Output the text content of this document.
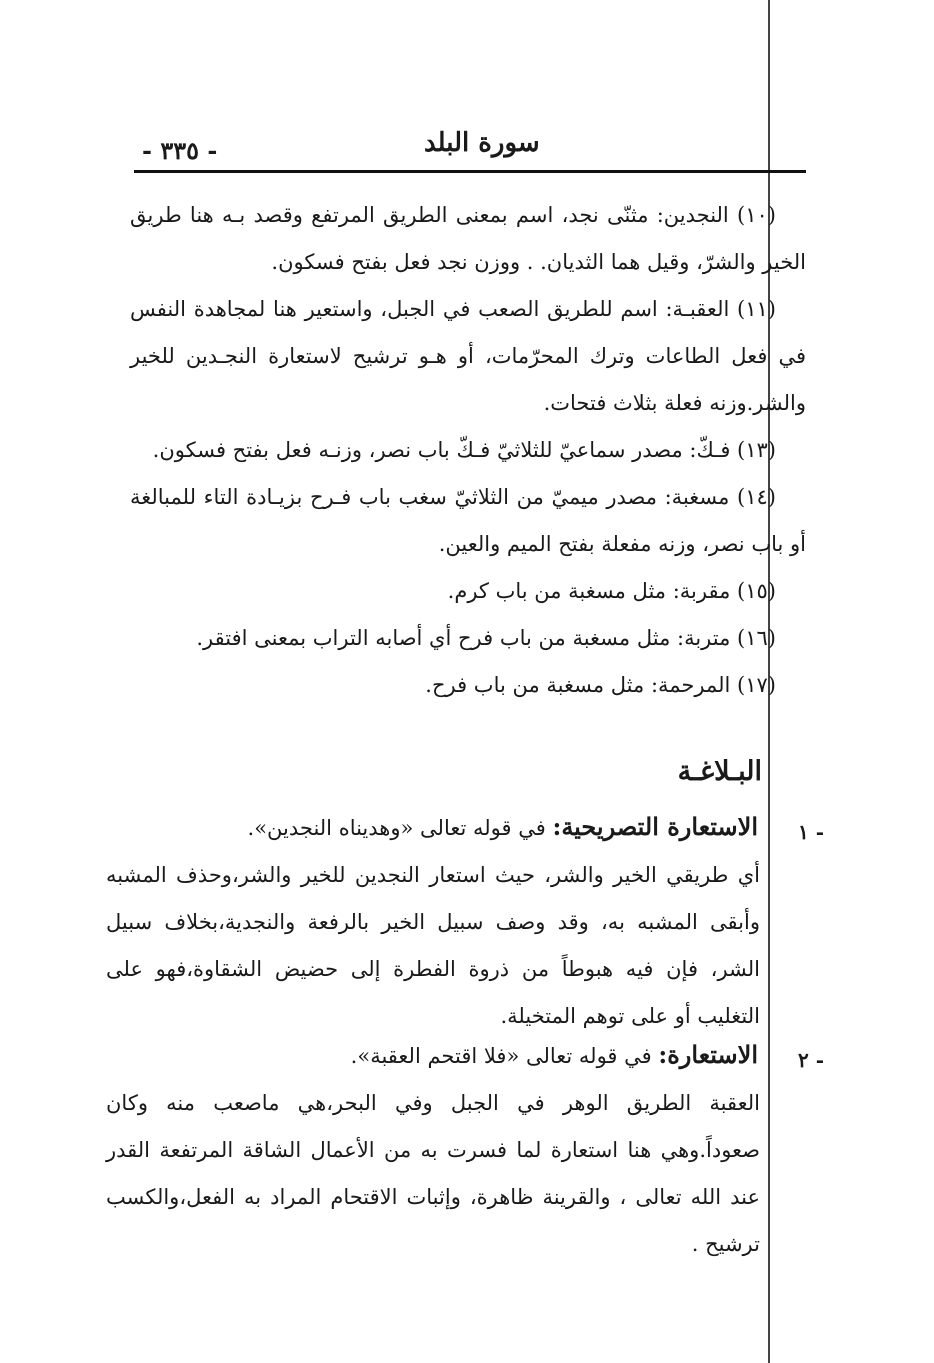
- ٣٣٥ -	سورة البلد

(١٠) النجدين: مثنّى نجد، اسم بمعنى الطريق المرتفع وقصد بـه هنا طريق الخير والشرّ، وقيل هما الثديان. . ووزن نجد فعل بفتح فسكون.

(١١) العقبـة: اسم للطريق الصعب في الجبل، واستعير هنا لمجاهدة النفس في فعل الطاعات وترك المحرّمات، أو هـو ترشيح لاستعارة النجـدين للخير والشر.وزنه فعلة بثلاث فتحات.

(١٣) فـكّ: مصدر سماعيّ للثلاثيّ فـكّ باب نصر، وزنـه فعل بفتح فسكون.

(١٤) مسغبة: مصدر ميميّ من الثلاثيّ سغب باب فـرح بزيـادة التاء للمبالغة أو باب نصر، وزنه مفعلة بفتح الميم والعين.

(١٥) مقربة: مثل مسغبة من باب كرم.

(١٦) متربة: مثل مسغبة من باب فرح أي أصابه التراب بمعنى افتقر.

(١٧) المرحمة: مثل مسغبة من باب فرح.

البـلاغـة
١ -
الاستعارة التصريحية: في قوله تعالى «وهديناه النجدين».

أي طريقي الخير والشر، حيث استعار النجدين للخير والشر،وحذف المشبه وأبقى المشبه به، وقد وصف سبيل الخير بالرفعة والنجدية،بخلاف سبيل الشر، فإن فيه هبوطاً من ذروة الفطرة إلى حضيض الشقاوة،فهو على التغليب أو على توهم المتخيلة.

٢ -
الاستعارة: في قوله تعالى «فلا اقتحم العقبة».

العقبة الطريق الوهر في الجبل وفي البحر،هي ماصعب منه وكان صعوداً.وهي هنا استعارة لما فسرت به من الأعمال الشاقة المرتفعة القدر عند الله تعالى ، والقرينة ظاهرة، وإثبات الاقتحام المراد به الفعل،والكسب ترشيح .
